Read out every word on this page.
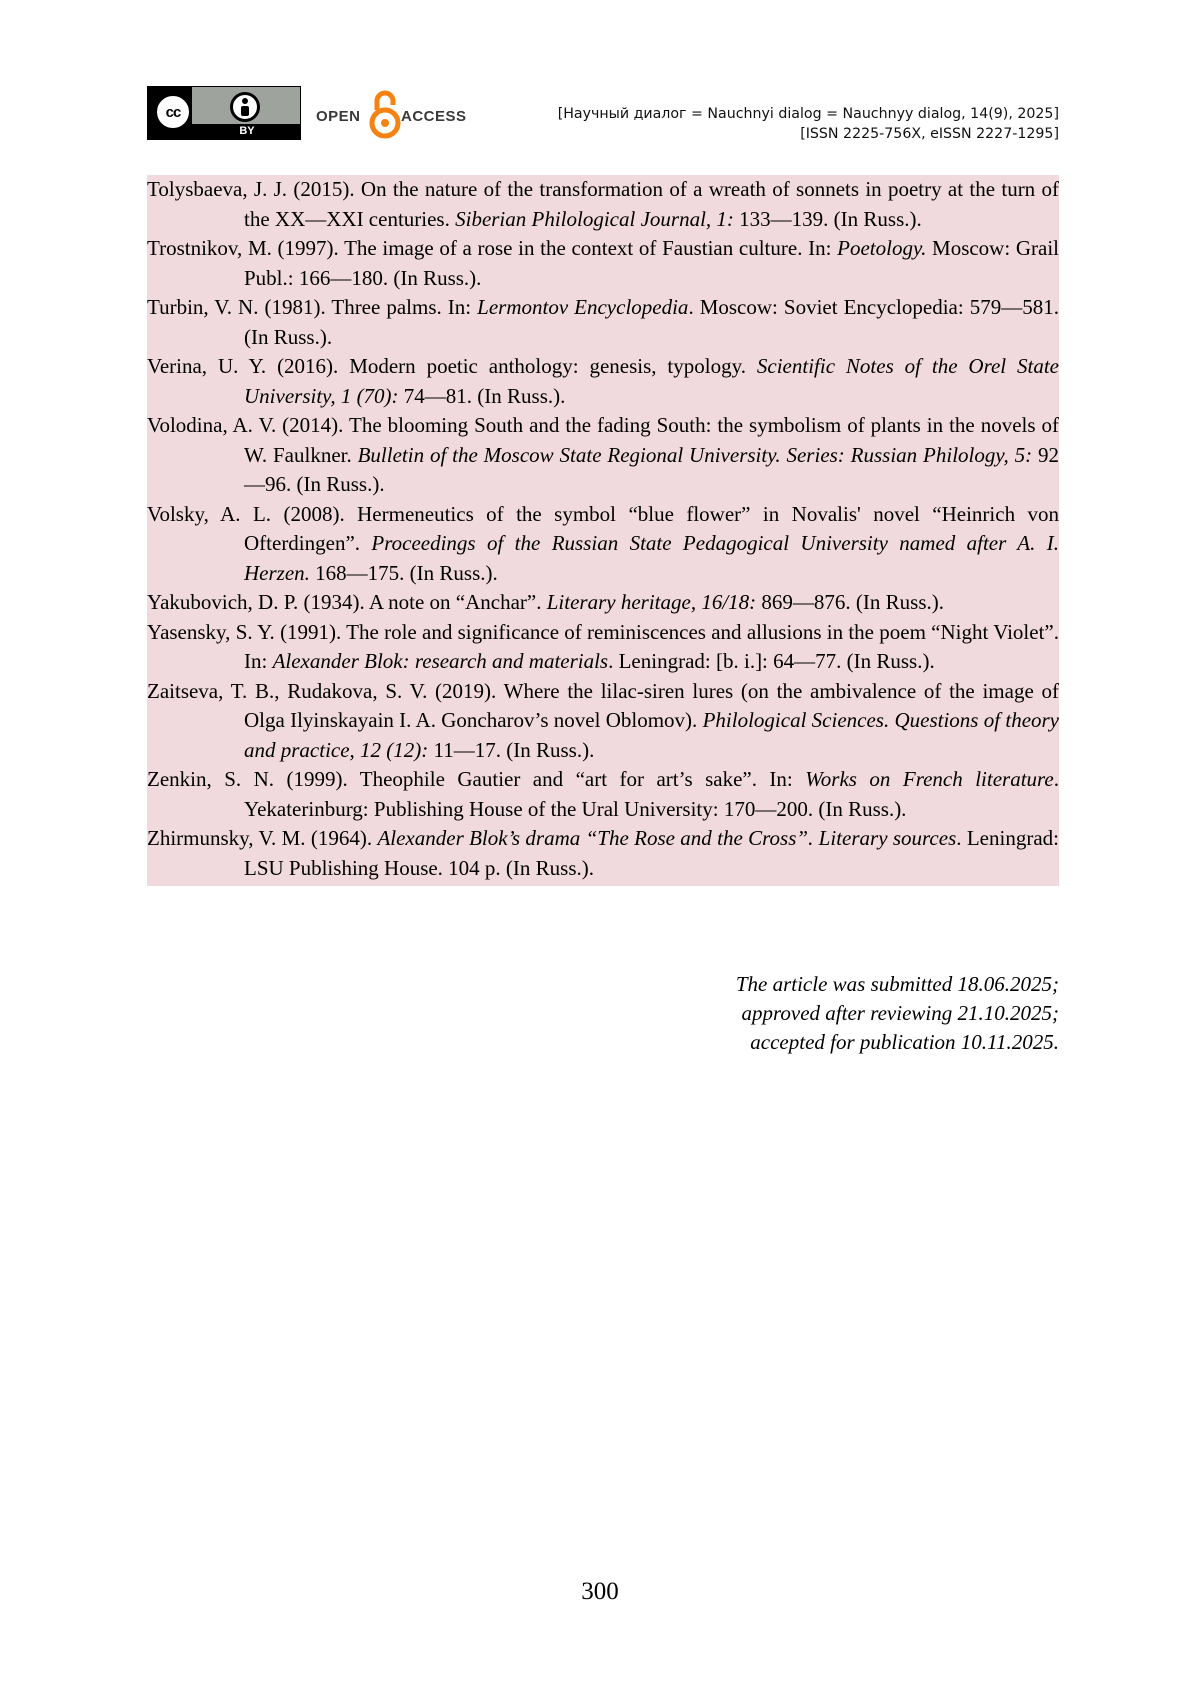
cc
BY
OPEN	ACCESS	[Научный диалог = Nauchnyi dialog = Nauchnyy dialog, 14(9), 2025]
[ISSN 2225-756X, eISSN 2227-1295]

Tolysbaeva, J. J. (2015). On the nature of the transformation of a wreath of sonnets in poetry at the turn of the XX—XXI centuries. Siberian Philological Journal, 1: 133—139. (In Russ.).

Trostnikov, M. (1997). The image of a rose in the context of Faustian culture. In: Poetology. Moscow: Grail Publ.: 166—180. (In Russ.).

Turbin, V. N. (1981). Three palms. In: Lermontov Encyclopedia. Moscow: Soviet Encyclopedia: 579—581. (In Russ.).

Verina, U. Y. (2016). Modern poetic anthology: genesis, typology. Scientific Notes of the Orel State University, 1 (70): 74—81. (In Russ.).

Volodina, A. V. (2014). The blooming South and the fading South: the symbolism of plants in the novels of W. Faulkner. Bulletin of the Moscow State Regional University. Series: Russian Philology, 5: 92—96. (In Russ.).

Volsky, A. L. (2008). Hermeneutics of the symbol “blue flower” in Novalis' novel “Heinrich von Ofterdingen”. Proceedings of the Russian State Pedagogical University named after A. I. Herzen. 168—175. (In Russ.).

Yakubovich, D. P. (1934). A note on “Anchar”. Literary heritage, 16/18: 869—876. (In Russ.).

Yasensky, S. Y. (1991). The role and significance of reminiscences and allusions in the poem “Night Violet”. In: Alexander Blok: research and materials. Leningrad: [b. i.]: 64—77. (In Russ.).

Zaitseva, T. B., Rudakova, S. V. (2019). Where the lilac-siren lures (on the ambivalence of the image of Olga Ilyinskayain I. A. Goncharov’s novel Oblomov). Philological Sciences. Questions of theory and practice, 12 (12): 11—17. (In Russ.).

Zenkin, S. N. (1999). Theophile Gautier and “art for art’s sake”. In: Works on French literature. Yekaterinburg: Publishing House of the Ural University: 170—200. (In Russ.).

Zhirmunsky, V. M. (1964). Alexander Blok’s drama “The Rose and the Cross”. Literary sources. Leningrad: LSU Publishing House. 104 p. (In Russ.).

The article was submitted 18.06.2025;
approved after reviewing 21.10.2025;
accepted for publication 10.11.2025.
300
